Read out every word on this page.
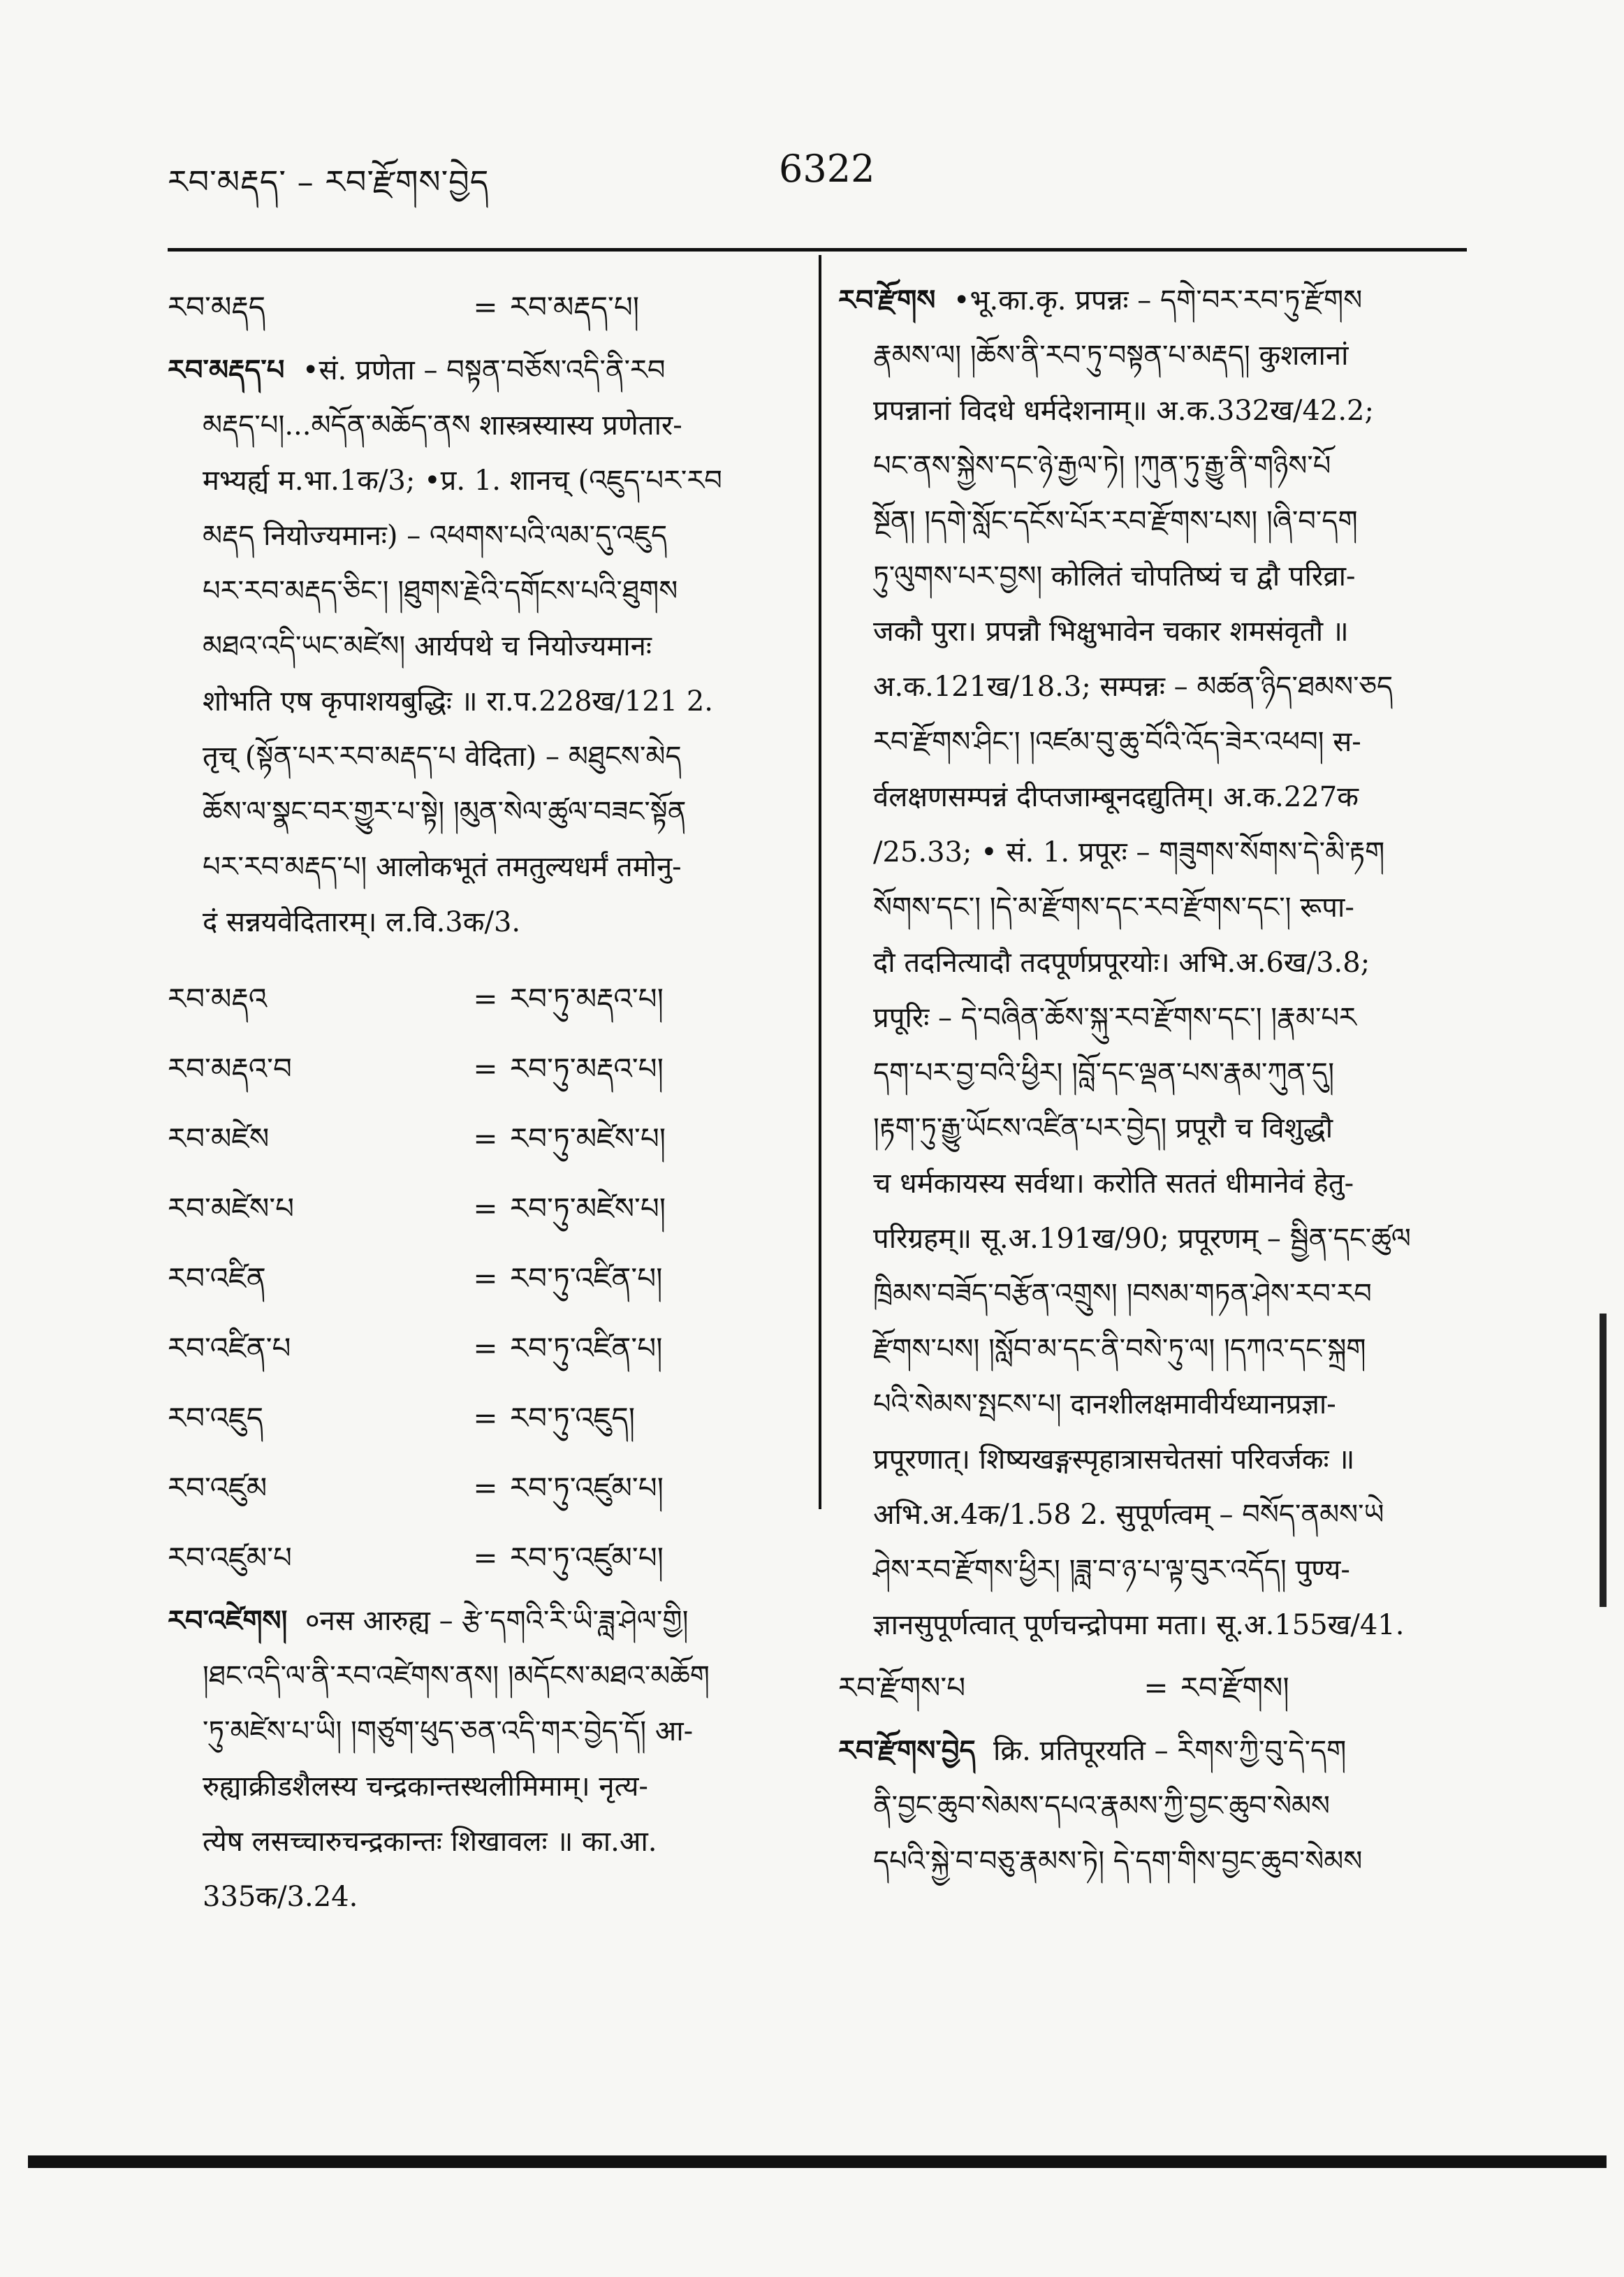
རབ་མརྡད་ – རབ་རྫོགས་བྱེད	6322
རབ་མརྡད	= རབ་མརྡད་པ།

རབ་མརྡད་པ •सं. प्रणेता – བསྟན་བཅོས་འདི་ནི་རབ

མརྡད་པ།...མདོན་མཆོད་ནས शास्त्रस्यास्य प्रणेतार-

मभ्यर्ह्य म.भा.1क/3; •प्र. 1. शानच् (འཇུད་པར་རབ

མརྡད नियोज्यमानः) – འཕགས་པའི་ལམ་དུ་འཇུད

པར་རབ་མརྡད་ཅིང་། །ཐུགས་རྗེའི་དགོངས་པའི་ཐུགས

མཐའ་འདི་ཡང་མཛེས། आर्यपथे च नियोज्यमानः

शोभति एष कृपाशयबुद्धिः ॥ रा.प.228ख/121 2.

तृच् (སྟོན་པར་རབ་མརྡད་པ वेदिता) – མཐུངས་མེད

ཆོས་ལ་སྣང་བར་གྱུར་པ་སྟེ། །མུན་སེལ་ཚུལ་བཟང་སྟོན

པར་རབ་མརྡད་པ། आलोकभूतं तमतुल्यधर्मं तमोनु-

दं सन्नयवेदितारम्। ल.वि.3क/3.

རབ་མརྡའ	= རབ་ཏུ་མརྡའ་པ།
རབ་མརྡའ་བ	= རབ་ཏུ་མརྡའ་པ།
རབ་མཛེས	= རབ་ཏུ་མཛེས་པ།
རབ་མཛེས་པ	= རབ་ཏུ་མཛེས་པ།
རབ་འཛིན	= རབ་ཏུ་འཛིན་པ།
རབ་འཛིན་པ	= རབ་ཏུ་འཛིན་པ།
རབ་འཇུད	= རབ་ཏུ་འཇུད།
རབ་འཛུམ	= རབ་ཏུ་འཛུམ་པ།
རབ་འཛུམ་པ	= རབ་ཏུ་འཛུམ་པ།

རབ་འཛེགས། ०नस आरुह्य – རྩེ་དགའི་རི་ཡི་ཟླ་ཤེལ་གྱི།

།ཐང་འདི་ལ་ནི་རབ་འཛེགས་ནས། །མདོངས་མཐའ་མཆོག

་ཏུ་མཛེས་པ་ཡི། །གཙུག་ཕུད་ཅན་འདི་གར་བྱེད་དོ། आ-

रुह्याक्रीडशैलस्य चन्द्रकान्तस्थलीमिमाम्। नृत्य-

त्येष लसच्चारुचन्द्रकान्तः शिखावलः ॥ का.आ.

335क/3.24.

རབ་རྫོགས •भू.का.कृ. प्रपन्नः – དགེ་བར་རབ་ཏུ་རྫོགས

རྣམས་ལ། །ཆོས་ནི་རབ་ཏུ་བསྟན་པ་མརྡད། कुशलानां

प्रपन्नानां विदधे धर्मदेशनाम्॥ अ.क.332ख/42.2;

པང་ནས་སྐྱེས་དང་ཉེ་རྒྱལ་ཏེ། །ཀུན་ཏུ་རྒྱུ་ནི་གཉིས་པོ

སྔོན། །དགེ་སློང་དངོས་པོར་རབ་རྫོགས་པས། །ཞི་བ་དག

ཏུ་ལུགས་པར་བྱས། कोलितं चोपतिष्यं च द्वौ परिव्रा-

जकौ पुरा। प्रपन्नौ भिक्षुभावेन चकार शमसंवृतौ ॥

अ.क.121ख/18.3; सम्पन्नः – མཚན་ཉིད་ཐམས་ཅད

རབ་རྫོགས་ཤིང་། །འཛམ་བུ་ཆུ་བོའི་འོད་ཟེར་འཕབ། स-

र्वलक्षणसम्पन्नं दीप्तजाम्बूनदद्युतिम्। अ.क.227क

/25.33; • सं. 1. प्रपूरः – གཟུགས་སོགས་དེ་མི་རྟག

སོགས་དང་། །དེ་མ་རྫོགས་དང་རབ་རྫོགས་དང་། रूपा-

दौ तदनित्यादौ तदपूर्णप्रपूरयोः। अभि.अ.6ख/3.8;

प्रपूरिः – དེ་བཞིན་ཆོས་སྐུ་རབ་རྫོགས་དང་། །རྣམ་པར

དག་པར་བྱ་བའི་ཕྱིར། །བློ་དང་ལྡན་པས་རྣམ་ཀུན་དུ།

།རྟག་ཏུ་རྒྱུ་ཡོངས་འཛིན་པར་བྱེད། प्रपूरौ च विशुद्धौ

च धर्मकायस्य सर्वथा। करोति सततं धीमानेवं हेतु-

परिग्रहम्॥ सू.अ.191ख/90; प्रपूरणम् – སྦྱིན་དང་ཚུལ

ཁྲིམས་བཟོད་བརྩོན་འགྲུས། །བསམ་གཏན་ཤེས་རབ་རབ

རྫོགས་པས། །སློབ་མ་དང་ནི་བསེ་ཏུ་ལ། །དཀའ་དང་སྐྲག

པའི་སེམས་སྤངས་པ། दानशीलक्षमावीर्यध्यानप्रज्ञा-

प्रपूरणात्। शिष्यखङ्गस्पृहात्रासचेतसां परिवर्जकः ॥

अभि.अ.4क/1.58 2. सुपूर्णत्वम् – བསོད་ནམས་ཡེ

ཤེས་རབ་རྫོགས་ཕྱིར། །ཟླ་བ་ཉ་པ་ལྟ་བུར་འདོད། पुण्य-

ज्ञानसुपूर्णत्वात् पूर्णचन्द्रोपमा मता। सू.अ.155ख/41.

རབ་རྫོགས་པ	= རབ་རྫོགས།

རབ་རྫོགས་བྱེད क्रि. प्रतिपूरयति – རིགས་ཀྱི་བུ་དེ་དག

ནི་བྱང་ཆུབ་སེམས་དཔའ་རྣམས་ཀྱི་བྱང་ཆུབ་སེམས

དཔའི་སྐྱེ་བ་བཅུ་རྣམས་ཏེ། དེ་དག་གིས་བྱང་ཆུབ་སེམས
